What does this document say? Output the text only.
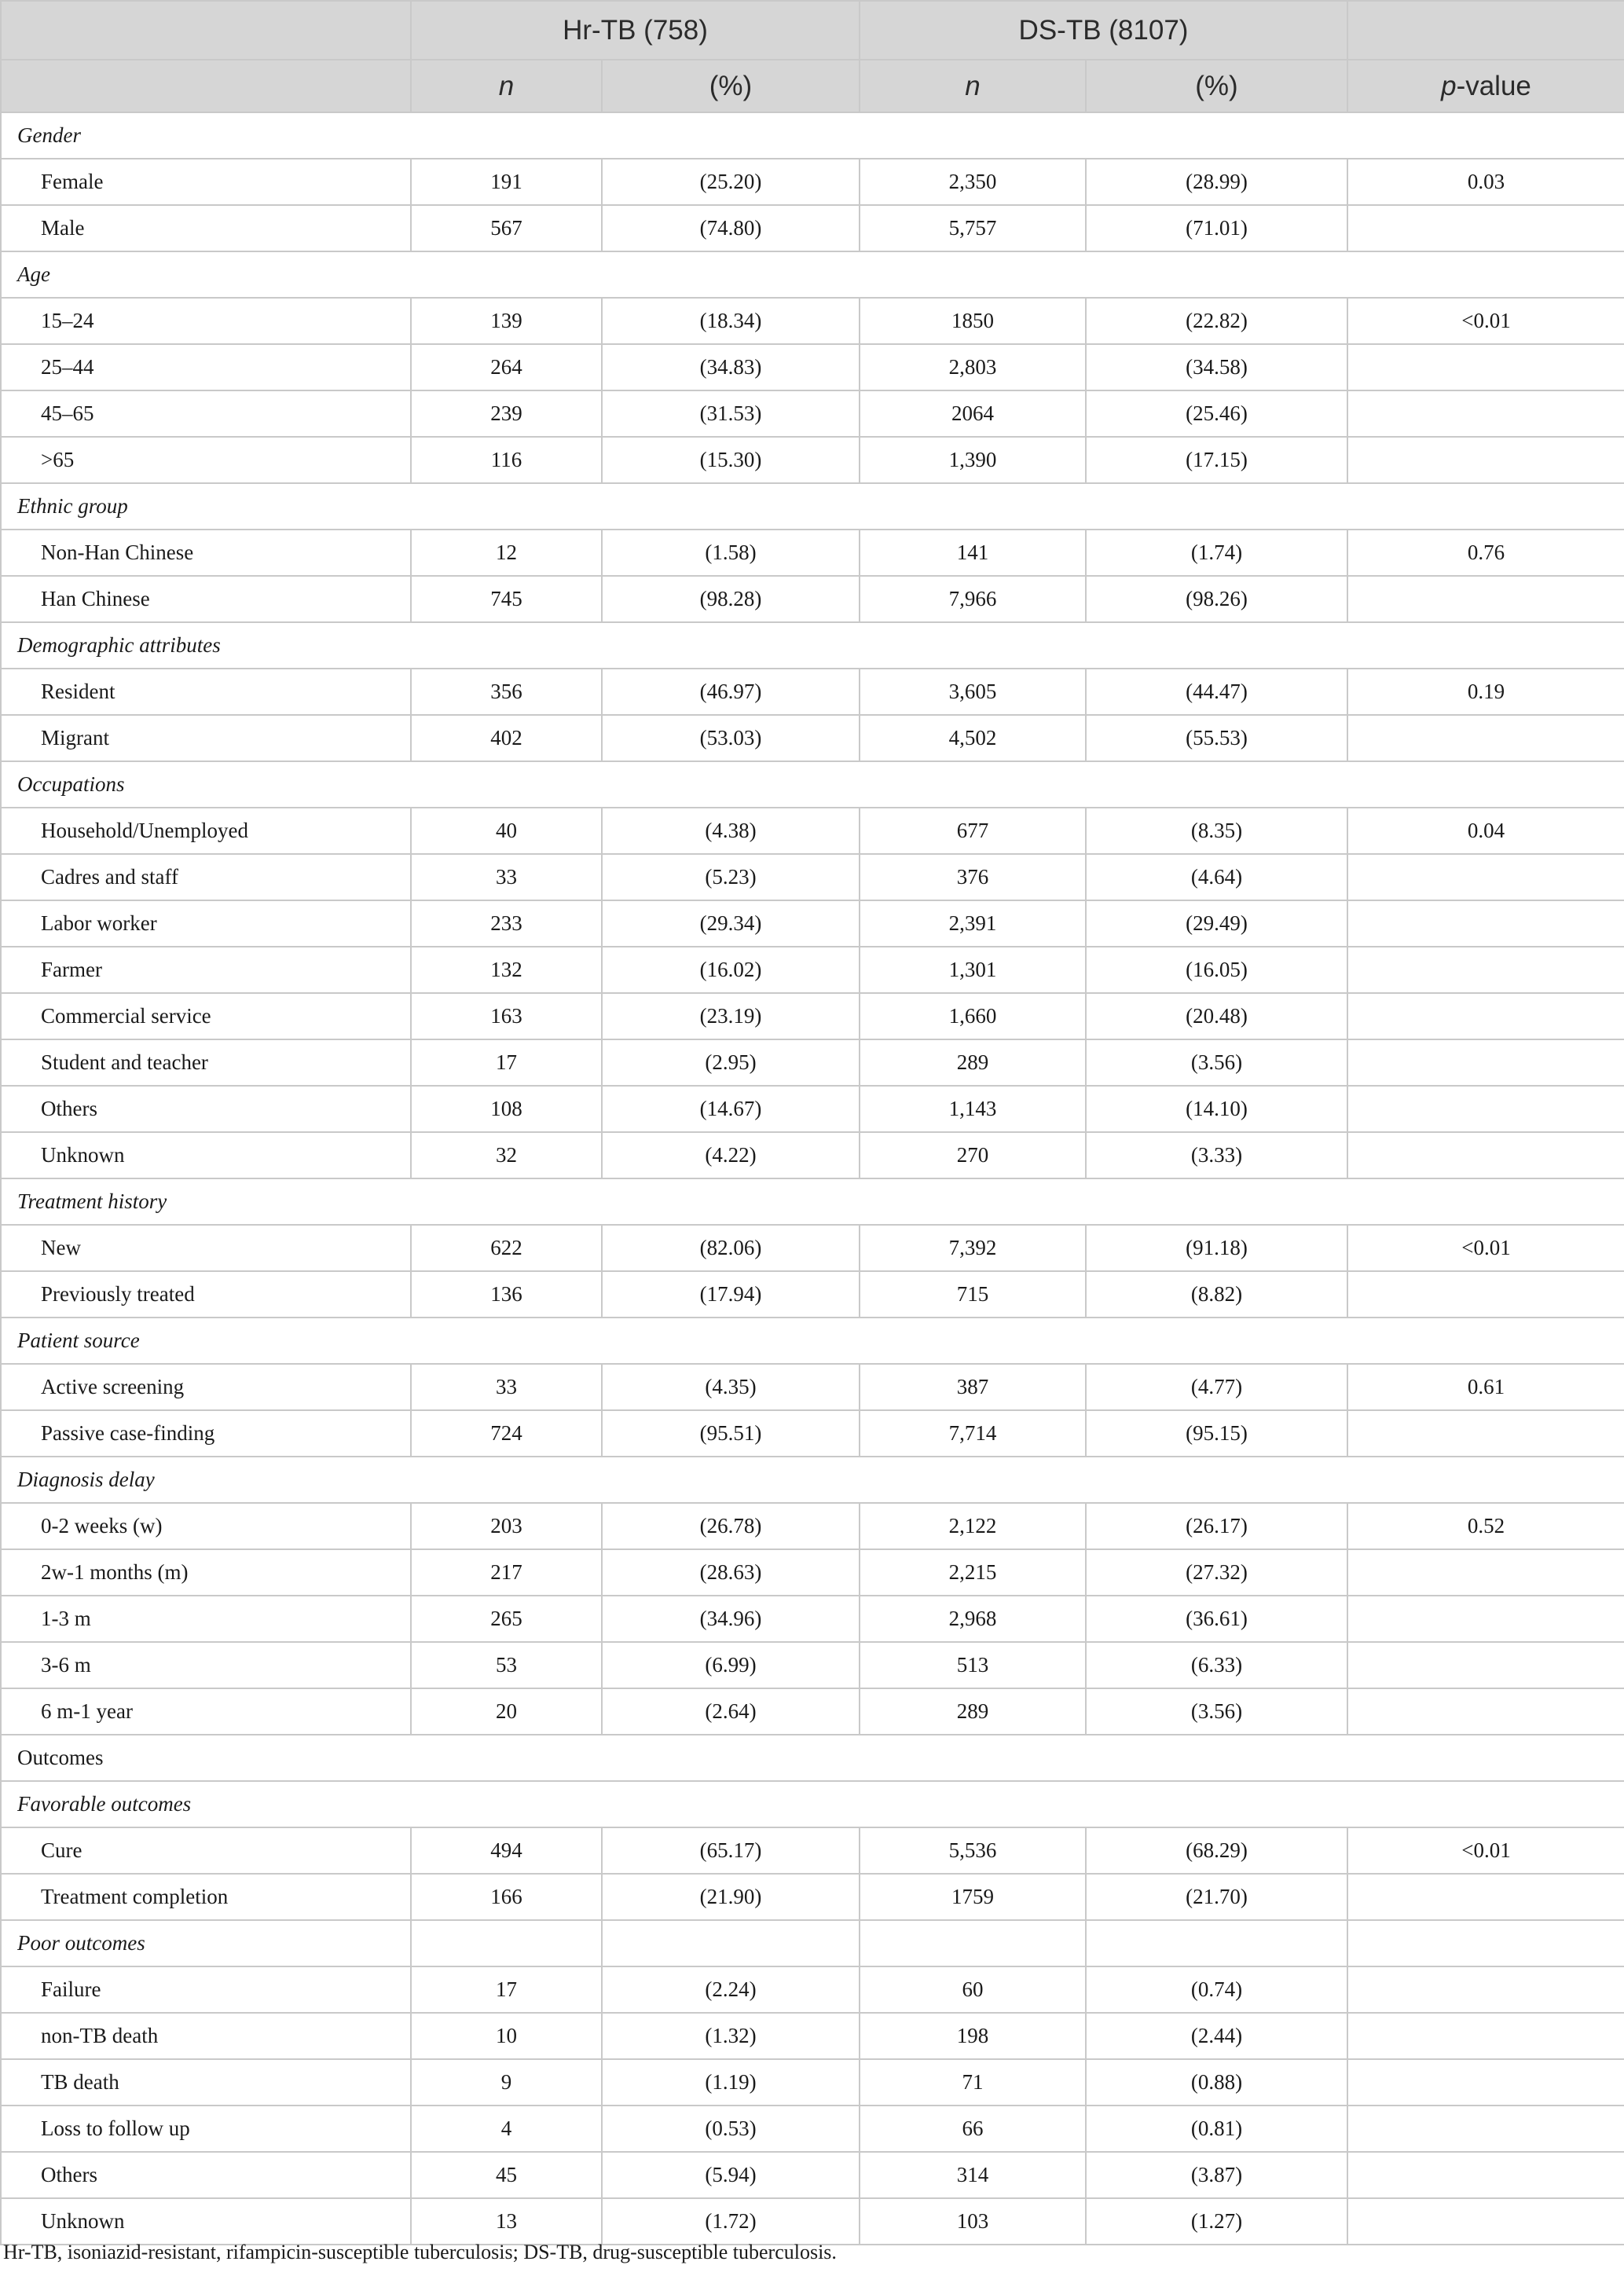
	Hr-TB (758)		DS-TB (8107)		
	n	(%)	n	(%)	p-value
Gender					
Female	191	(25.20)	2,350	(28.99)	0.03
Male	567	(74.80)	5,757	(71.01)	
Age					
15–24	139	(18.34)	1850	(22.82)	<0.01
25–44	264	(34.83)	2,803	(34.58)	
45–65	239	(31.53)	2064	(25.46)	
>65	116	(15.30)	1,390	(17.15)	
Ethnic group					
Non-Han Chinese	12	(1.58)	141	(1.74)	0.76
Han Chinese	745	(98.28)	7,966	(98.26)	
Demographic attributes					
Resident	356	(46.97)	3,605	(44.47)	0.19
Migrant	402	(53.03)	4,502	(55.53)	
Occupations					
Household/Unemployed	40	(4.38)	677	(8.35)	0.04
Cadres and staff	33	(5.23)	376	(4.64)	
Labor worker	233	(29.34)	2,391	(29.49)	
Farmer	132	(16.02)	1,301	(16.05)	
Commercial service	163	(23.19)	1,660	(20.48)	
Student and teacher	17	(2.95)	289	(3.56)	
Others	108	(14.67)	1,143	(14.10)	
Unknown	32	(4.22)	270	(3.33)	
Treatment history					
New	622	(82.06)	7,392	(91.18)	<0.01
Previously treated	136	(17.94)	715	(8.82)	
Patient source					
Active screening	33	(4.35)	387	(4.77)	0.61
Passive case-finding	724	(95.51)	7,714	(95.15)	
Diagnosis delay					
0-2 weeks (w)	203	(26.78)	2,122	(26.17)	0.52
2w-1 months (m)	217	(28.63)	2,215	(27.32)	
1-3 m	265	(34.96)	2,968	(36.61)	
3-6 m	53	(6.99)	513	(6.33)	
6 m-1 year	20	(2.64)	289	(3.56)	
Outcomes					
Favorable outcomes					
Cure	494	(65.17)	5,536	(68.29)	<0.01
Treatment completion	166	(21.90)	1759	(21.70)	
Poor outcomes					
Failure	17	(2.24)	60	(0.74)	
non-TB death	10	(1.32)	198	(2.44)	
TB death	9	(1.19)	71	(0.88)	
Loss to follow up	4	(0.53)	66	(0.81)	
Others	45	(5.94)	314	(3.87)	
Unknown	13	(1.72)	103	(1.27)	
Hr-TB, isoniazid-resistant, rifampicin-susceptible tuberculosis; DS-TB, drug-susceptible tuberculosis.
